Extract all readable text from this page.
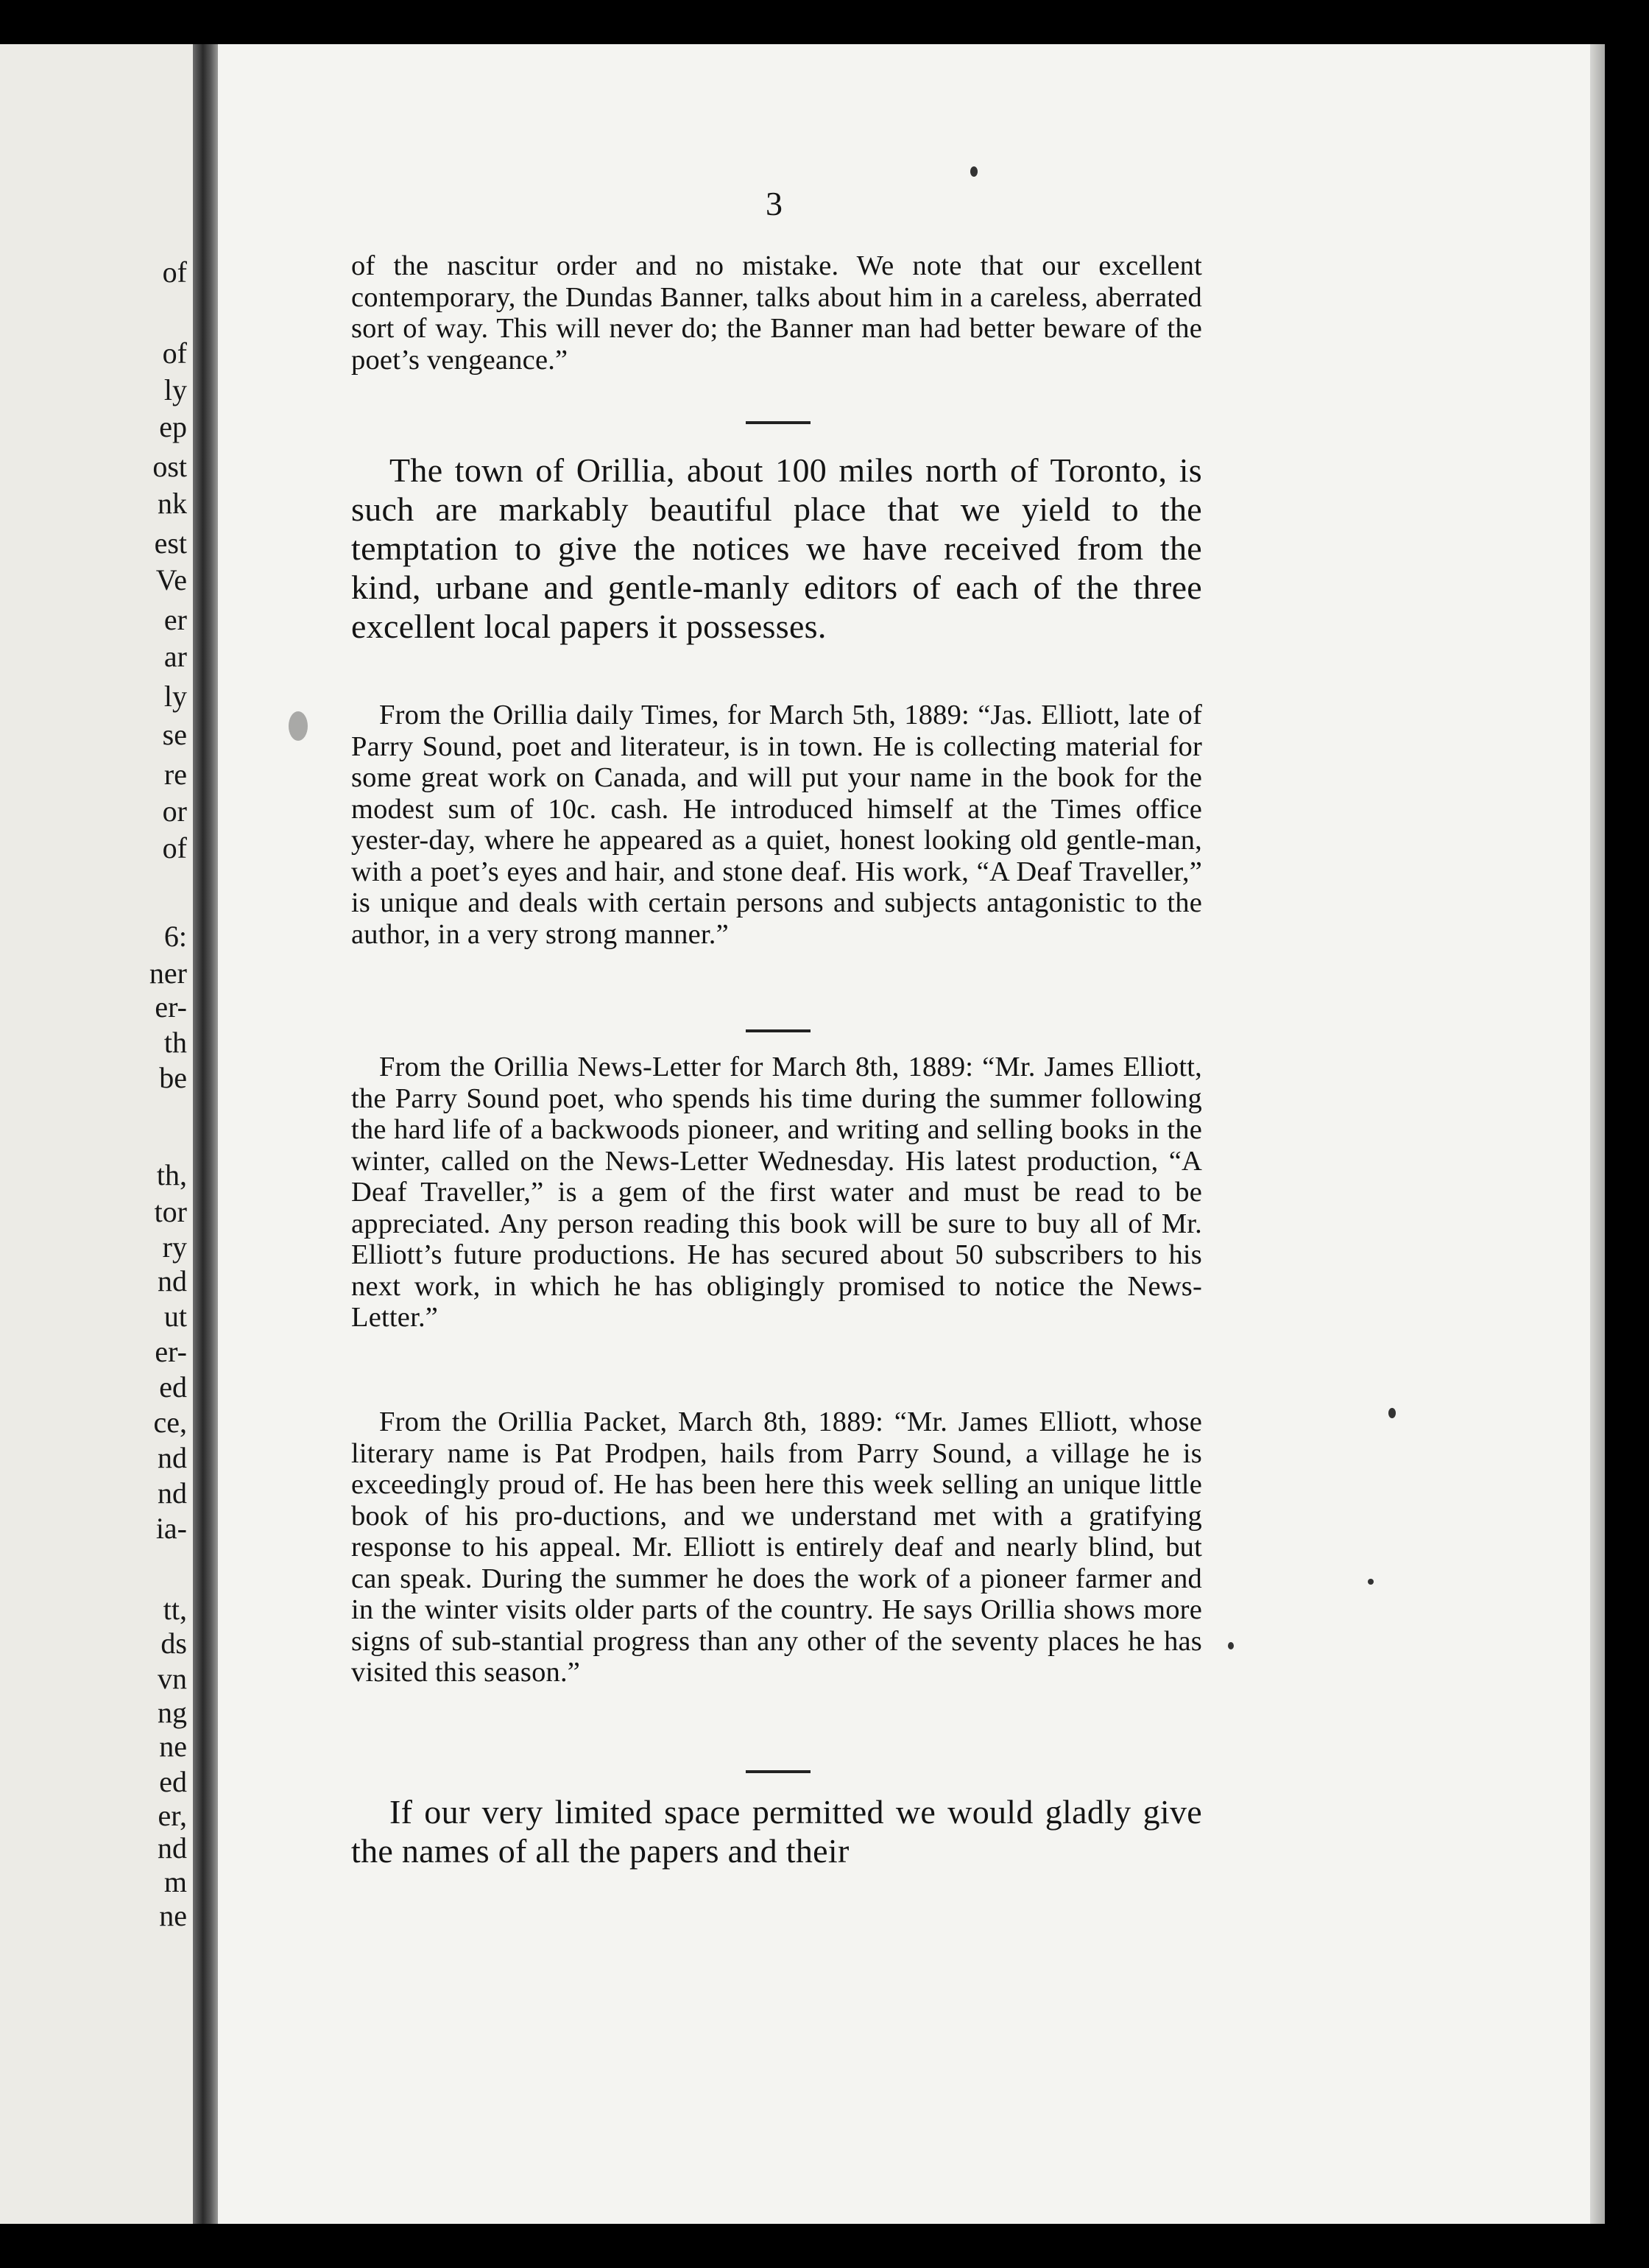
of
of
ly
ep
ost
nk
est
Ve
er
ar
ly
se
re
or
of
6:
ner
er-
th
be
th,
tor
ry
nd
ut
er-
ed
ce,
nd
nd
ia-
tt,
ds
vn
ng
ne
ed
er,
nd
m
ne
3

of the nascitur order and no mistake. We note that our excellent contemporary, the Dundas Banner, talks about him in a careless, aberrated sort of way. This will never do; the Banner man had better beware of the poet’s vengeance.”

The town of Orillia, about 100 miles north of Toronto, is such are markably beautiful place that we yield to the temptation to give the notices we have received from the kind, urbane and gentle-manly editors of each of the three excellent local papers it possesses.

From the Orillia daily Times, for March 5th, 1889: “Jas. Elliott, late of Parry Sound, poet and literateur, is in town. He is collecting material for some great work on Canada, and will put your name in the book for the modest sum of 10c. cash. He introduced himself at the Times office yester-day, where he appeared as a quiet, honest looking old gentle-man, with a poet’s eyes and hair, and stone deaf. His work, “A Deaf Traveller,” is unique and deals with certain persons and subjects antagonistic to the author, in a very strong manner.”

From the Orillia News-Letter for March 8th, 1889: “Mr. James Elliott, the Parry Sound poet, who spends his time during the summer following the hard life of a backwoods pioneer, and writing and selling books in the winter, called on the News-Letter Wednesday. His latest production, “A Deaf Traveller,” is a gem of the first water and must be read to be appreciated. Any person reading this book will be sure to buy all of Mr. Elliott’s future productions. He has secured about 50 subscribers to his next work, in which he has obligingly promised to notice the News-Letter.”

From the Orillia Packet, March 8th, 1889: “Mr. James Elliott, whose literary name is Pat Prodpen, hails from Parry Sound, a village he is exceedingly proud of. He has been here this week selling an unique little book of his pro-ductions, and we understand met with a gratifying response to his appeal. Mr. Elliott is entirely deaf and nearly blind, but can speak. During the summer he does the work of a pioneer farmer and in the winter visits older parts of the country. He says Orillia shows more signs of sub-stantial progress than any other of the seventy places he has visited this season.”

If our very limited space permitted we would gladly give the names of all the papers and their
